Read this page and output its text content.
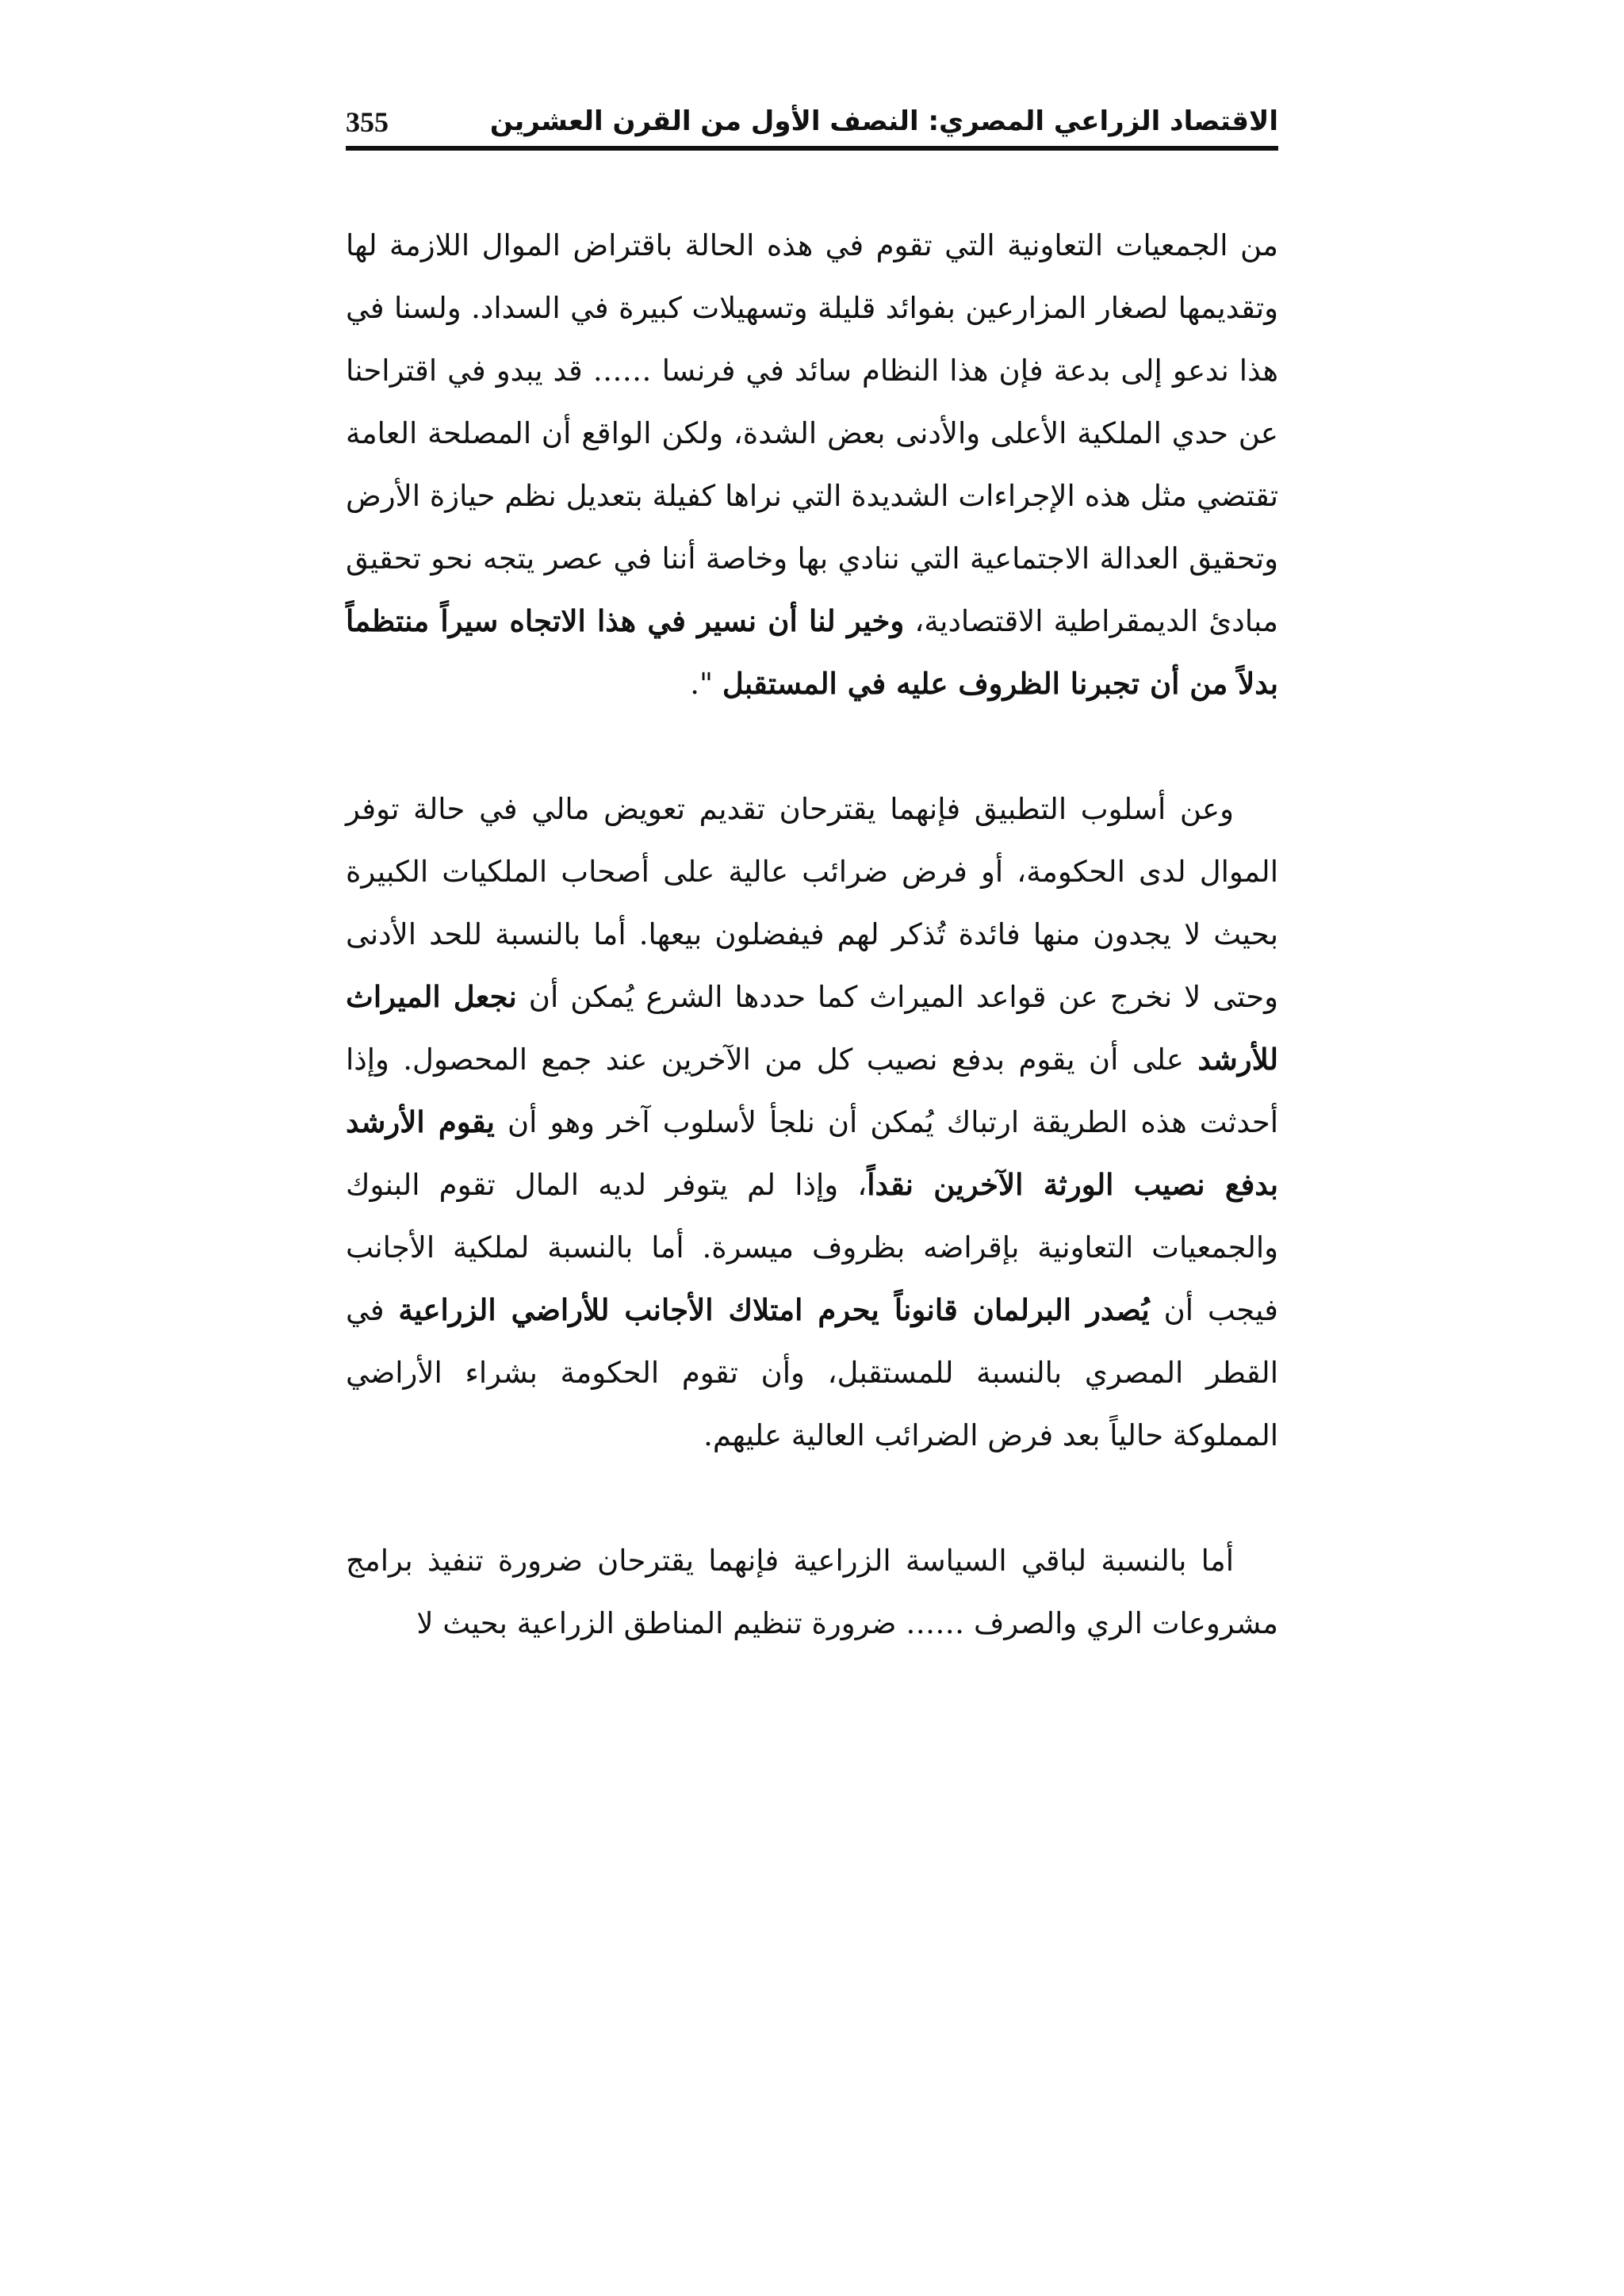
الاقتصاد الزراعي المصري: النصف الأول من القرن العشرين
355

من الجمعيات التعاونية التي تقوم في هذه الحالة باقتراض الموال اللازمة لها وتقديمها لصغار المزارعين بفوائد قليلة وتسهيلات كبيرة في السداد. ولسنا في هذا ندعو إلى بدعة فإن هذا النظام سائد في فرنسا …… قد يبدو في اقتراحنا عن حدي الملكية الأعلى والأدنى بعض الشدة، ولكن الواقع أن المصلحة العامة تقتضي مثل هذه الإجراءات الشديدة التي نراها كفيلة بتعديل نظم حيازة الأرض وتحقيق العدالة الاجتماعية التي ننادي بها وخاصة أننا في عصر يتجه نحو تحقيق مبادئ الديمقراطية الاقتصادية، وخير لنا أن نسير في هذا الاتجاه سيراً منتظماً بدلاً من أن تجبرنا الظروف عليه في المستقبل ".

وعن أسلوب التطبيق فإنهما يقترحان تقديم تعويض مالي في حالة توفر الموال لدى الحكومة، أو فرض ضرائب عالية على أصحاب الملكيات الكبيرة بحيث لا يجدون منها فائدة تُذكر لهم فيفضلون بيعها. أما بالنسبة للحد الأدنى وحتى لا نخرج عن قواعد الميراث كما حددها الشرع يُمكن أن نجعل الميراث للأرشد على أن يقوم بدفع نصيب كل من الآخرين عند جمع المحصول. وإذا أحدثت هذه الطريقة ارتباك يُمكن أن نلجأ لأسلوب آخر وهو أن يقوم الأرشد بدفع نصيب الورثة الآخرين نقداً، وإذا لم يتوفر لديه المال تقوم البنوك والجمعيات التعاونية بإقراضه بظروف ميسرة. أما بالنسبة لملكية الأجانب فيجب أن يُصدر البرلمان قانوناً يحرم امتلاك الأجانب للأراضي الزراعية في القطر المصري بالنسبة للمستقبل، وأن تقوم الحكومة بشراء الأراضي المملوكة حالياً بعد فرض الضرائب العالية عليهم.

أما بالنسبة لباقي السياسة الزراعية فإنهما يقترحان ضرورة تنفيذ برامج مشروعات الري والصرف …… ضرورة تنظيم المناطق الزراعية بحيث لا
